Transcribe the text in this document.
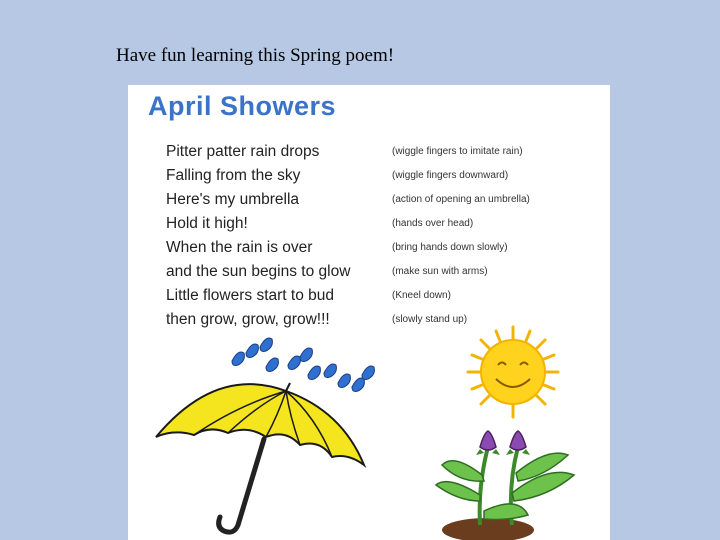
Have fun learning this Spring poem!
April Showers
Pitter patter rain drops	(wiggle fingers to imitate rain)
Falling from the sky	(wiggle fingers downward)
Here's my umbrella	(action of opening an umbrella)
Hold it high!	(hands over head)
When the rain is over	(bring hands down slowly)
and the sun begins to glow	(make sun with arms)
Little flowers start to bud	(Kneel down)
then grow, grow, grow!!!	(slowly stand up)
